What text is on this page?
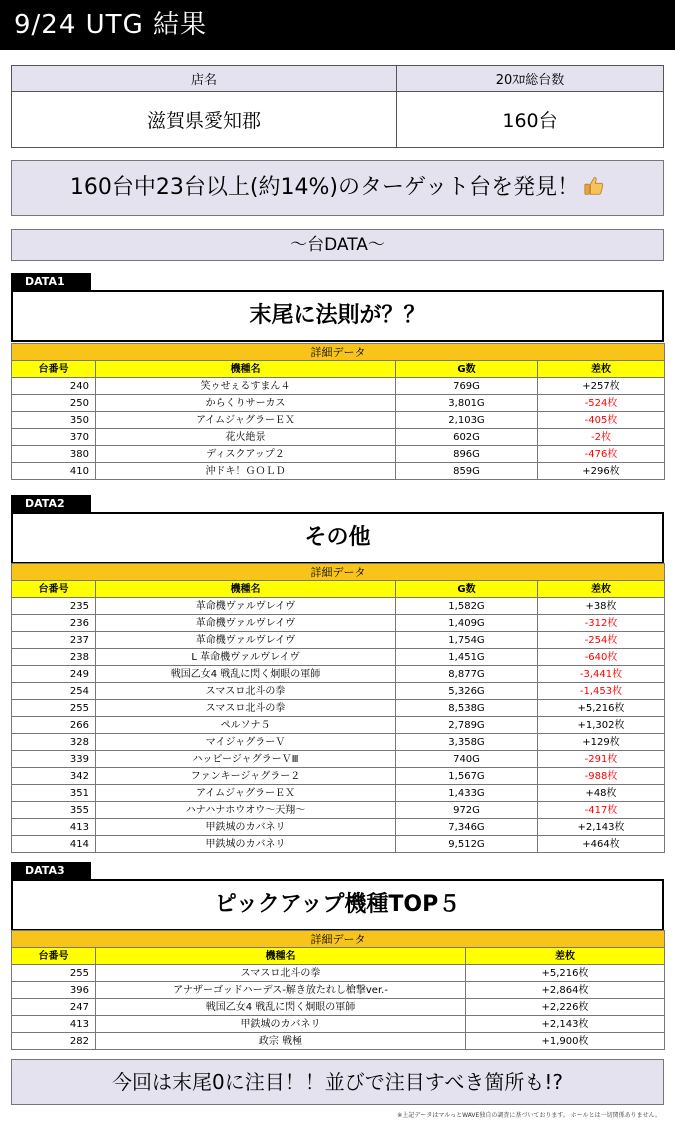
9/24 UTG 結果
店名	20ｽﾛ総台数
滋賀県愛知郡	160台
160台中23台以上(約14%)のターゲット台を発見！
～台DATA～
DATA1
末尾に法則が？？
詳細データ			
台番号	機種名	G数	差枚
240	笑ゥせぇるすまん４	769G	+257枚
250	からくりサーカス	3,801G	-524枚
350	アイムジャグラーＥＸ	2,103G	-405枚
370	花火絶景	602G	-2枚
380	ディスクアップ２	896G	-476枚
410	沖ドキ！ＧＯＬＤ	859G	+296枚
DATA2
その他
詳細データ			
台番号	機種名	G数	差枚
235	革命機ヴァルヴレイヴ	1,582G	+38枚
236	革命機ヴァルヴレイヴ	1,409G	-312枚
237	革命機ヴァルヴレイヴ	1,754G	-254枚
238	L 革命機ヴァルヴレイヴ	1,451G	-640枚
249	戦国乙女4 戦乱に閃く炯眼の軍師	8,877G	-3,441枚
254	スマスロ北斗の拳	5,326G	-1,453枚
255	スマスロ北斗の拳	8,538G	+5,216枚
266	ペルソナ５	2,789G	+1,302枚
328	マイジャグラーＶ	3,358G	+129枚
339	ハッピージャグラーＶⅢ	740G	-291枚
342	ファンキージャグラー２	1,567G	-988枚
351	アイムジャグラーＥＸ	1,433G	+48枚
355	ハナハナホウオウ～天翔～	972G	-417枚
413	甲鉄城のカバネリ	7,346G	+2,143枚
414	甲鉄城のカバネリ	9,512G	+464枚
DATA3
ピックアップ機種TOP５
詳細データ		
台番号	機種名	差枚
255	スマスロ北斗の拳	+5,216枚
396	アナザーゴッドハーデス-解き放たれし槍撃ver.-	+2,864枚
247	戦国乙女4 戦乱に閃く炯眼の軍師	+2,226枚
413	甲鉄城のカバネリ	+2,143枚
282	政宗 戦極	+1,900枚
今回は末尾0に注目！！並びで注目すべき箇所も!?
※上記データはマルっとWAVE独自の調査に基づいております。 ホールとは一切関係ありません。
